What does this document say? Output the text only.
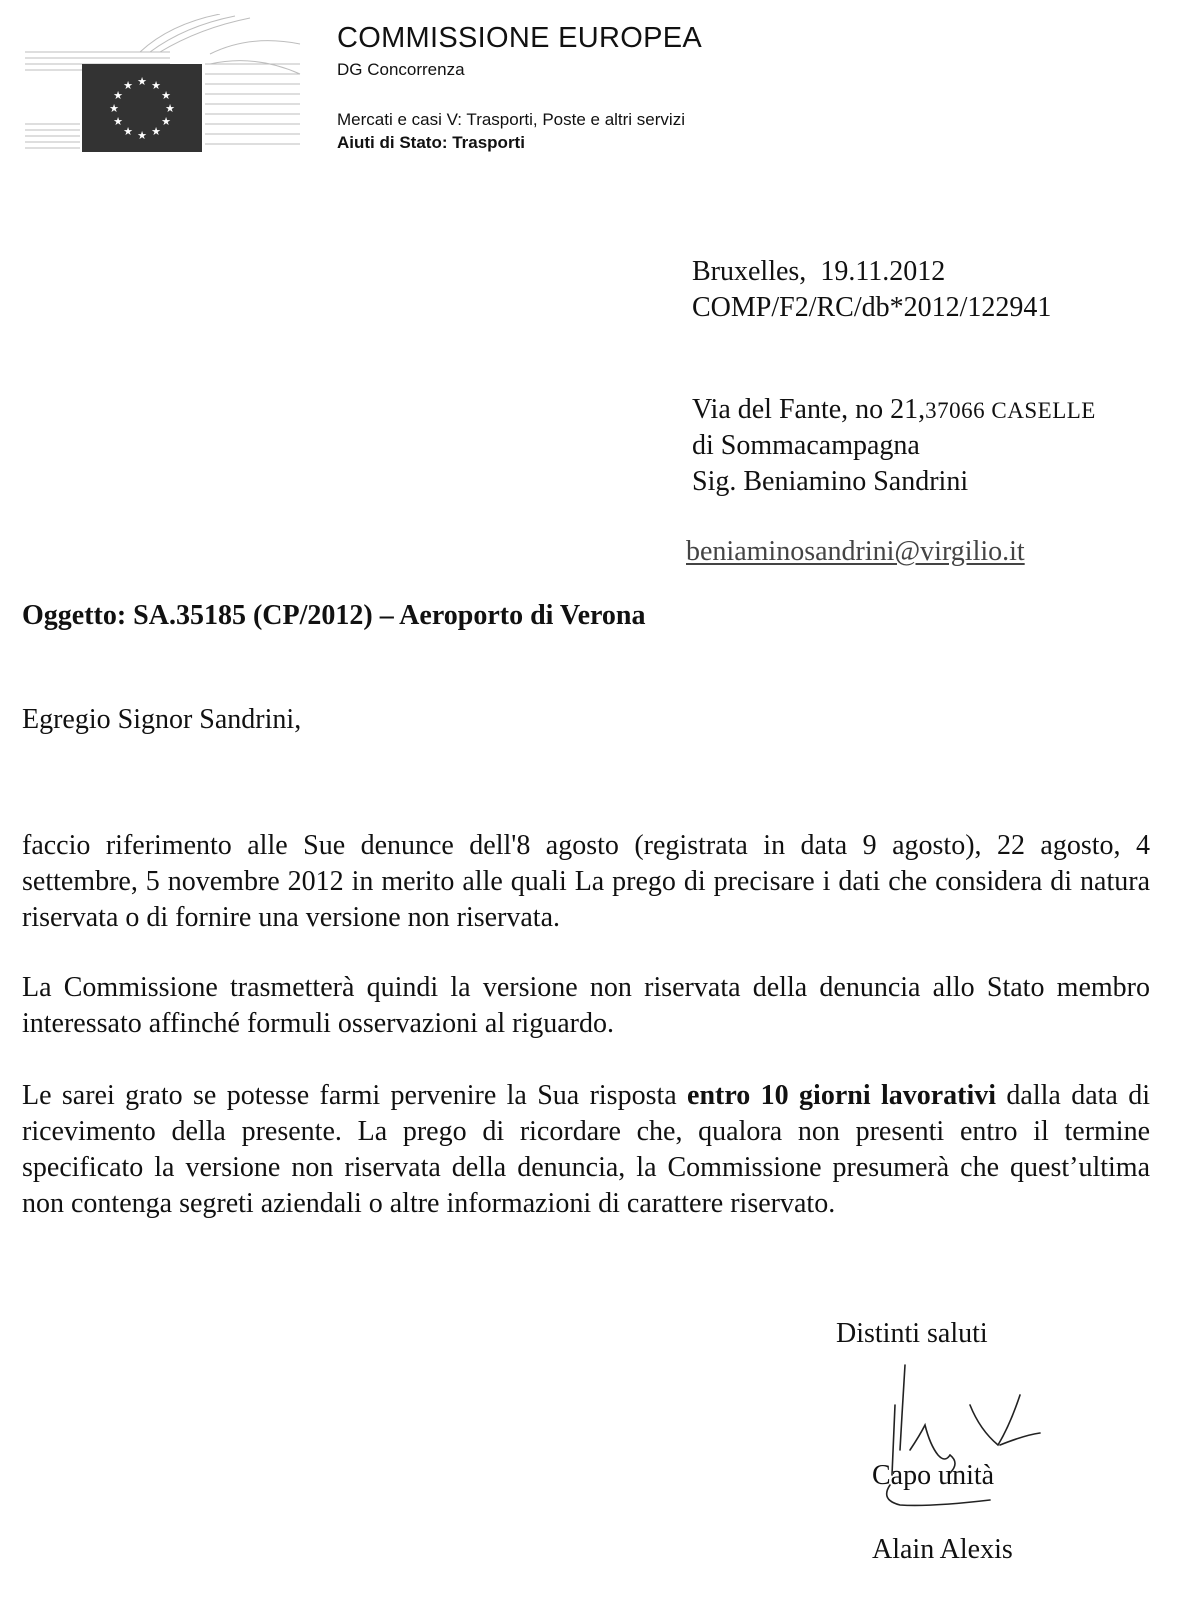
★ ★
★
★
★
★
★
★
★
★
★
★
COMMISSIONE EUROPEA
DG Concorrenza
Mercati e casi V: Trasporti, Poste e altri servizi
Aiuti di Stato: Trasporti
Bruxelles, 19.11.2012
COMP/F2/RC/db*2012/122941
Via del Fante, no 21,37066 CASELLE
di Sommacampagna
Sig. Beniamino Sandrini
beniaminosandrini@virgilio.it
Oggetto: SA.35185 (CP/2012) – Aeroporto di Verona
Egregio Signor Sandrini,
faccio riferimento alle Sue denunce dell'8 agosto (registrata in data 9 agosto), 22 agosto, 4 settembre, 5 novembre 2012 in merito alle quali La prego di precisare i dati che considera di natura riservata o di fornire una versione non riservata.
La Commissione trasmetterà quindi la versione non riservata della denuncia allo Stato membro interessato affinché formuli osservazioni al riguardo.
Le sarei grato se potesse farmi pervenire la Sua risposta entro 10 giorni lavorativi dalla data di ricevimento della presente. La prego di ricordare che, qualora non presenti entro il termine specificato la versione non riservata della denuncia, la Commissione presumerà che quest’ultima non contenga segreti aziendali o altre informazioni di carattere riservato.
Distinti saluti
Capo unità
Alain Alexis
